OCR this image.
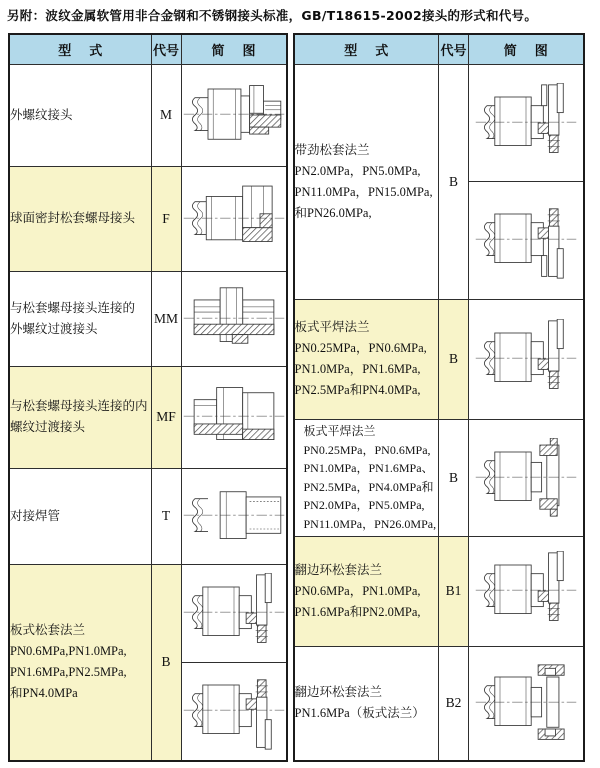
另附：波纹金属软管用非合金钢和不锈钢接头标准，GB/T18615-2002接头的形式和代号。
型    式	代号	简    图

外螺纹接头	M	

球面密封松套螺母接头	F	

与松套螺母接头连接的
外螺纹过渡接头	MM	

与松套螺母接头连接的内
螺纹过渡接头	MF	

对接焊管	T	

板式松套法兰
PN0.6MPa,PN1.0MPa,
PN1.6MPa,PN2.5MPa,
和PN4.0MPa	B	
型    式	代号	简    图

带劲松套法兰
PN2.0MPa，PN5.0MPa,
PN11.0MPa，PN15.0MPa,
和PN26.0MPa,	B	

板式平焊法兰
PN0.25MPa，PN0.6MPa,
PN1.0MPa，PN1.6MPa,
PN2.5MPa和PN4.0MPa,	B	

板式平焊法兰
PN0.25MPa，PN0.6MPa,
PN1.0MPa，PN1.6MPa、
PN2.5MPa，PN4.0MPa和
PN2.0MPa，PN5.0MPa,
PN11.0MPa，PN26.0MPa,
	B	

翻边环松套法兰
PN0.6MPa，PN1.0MPa,
PN1.6MPa和PN2.0MPa,	B1	

翻边环松套法兰
PN1.6MPa（板式法兰）	B2	
